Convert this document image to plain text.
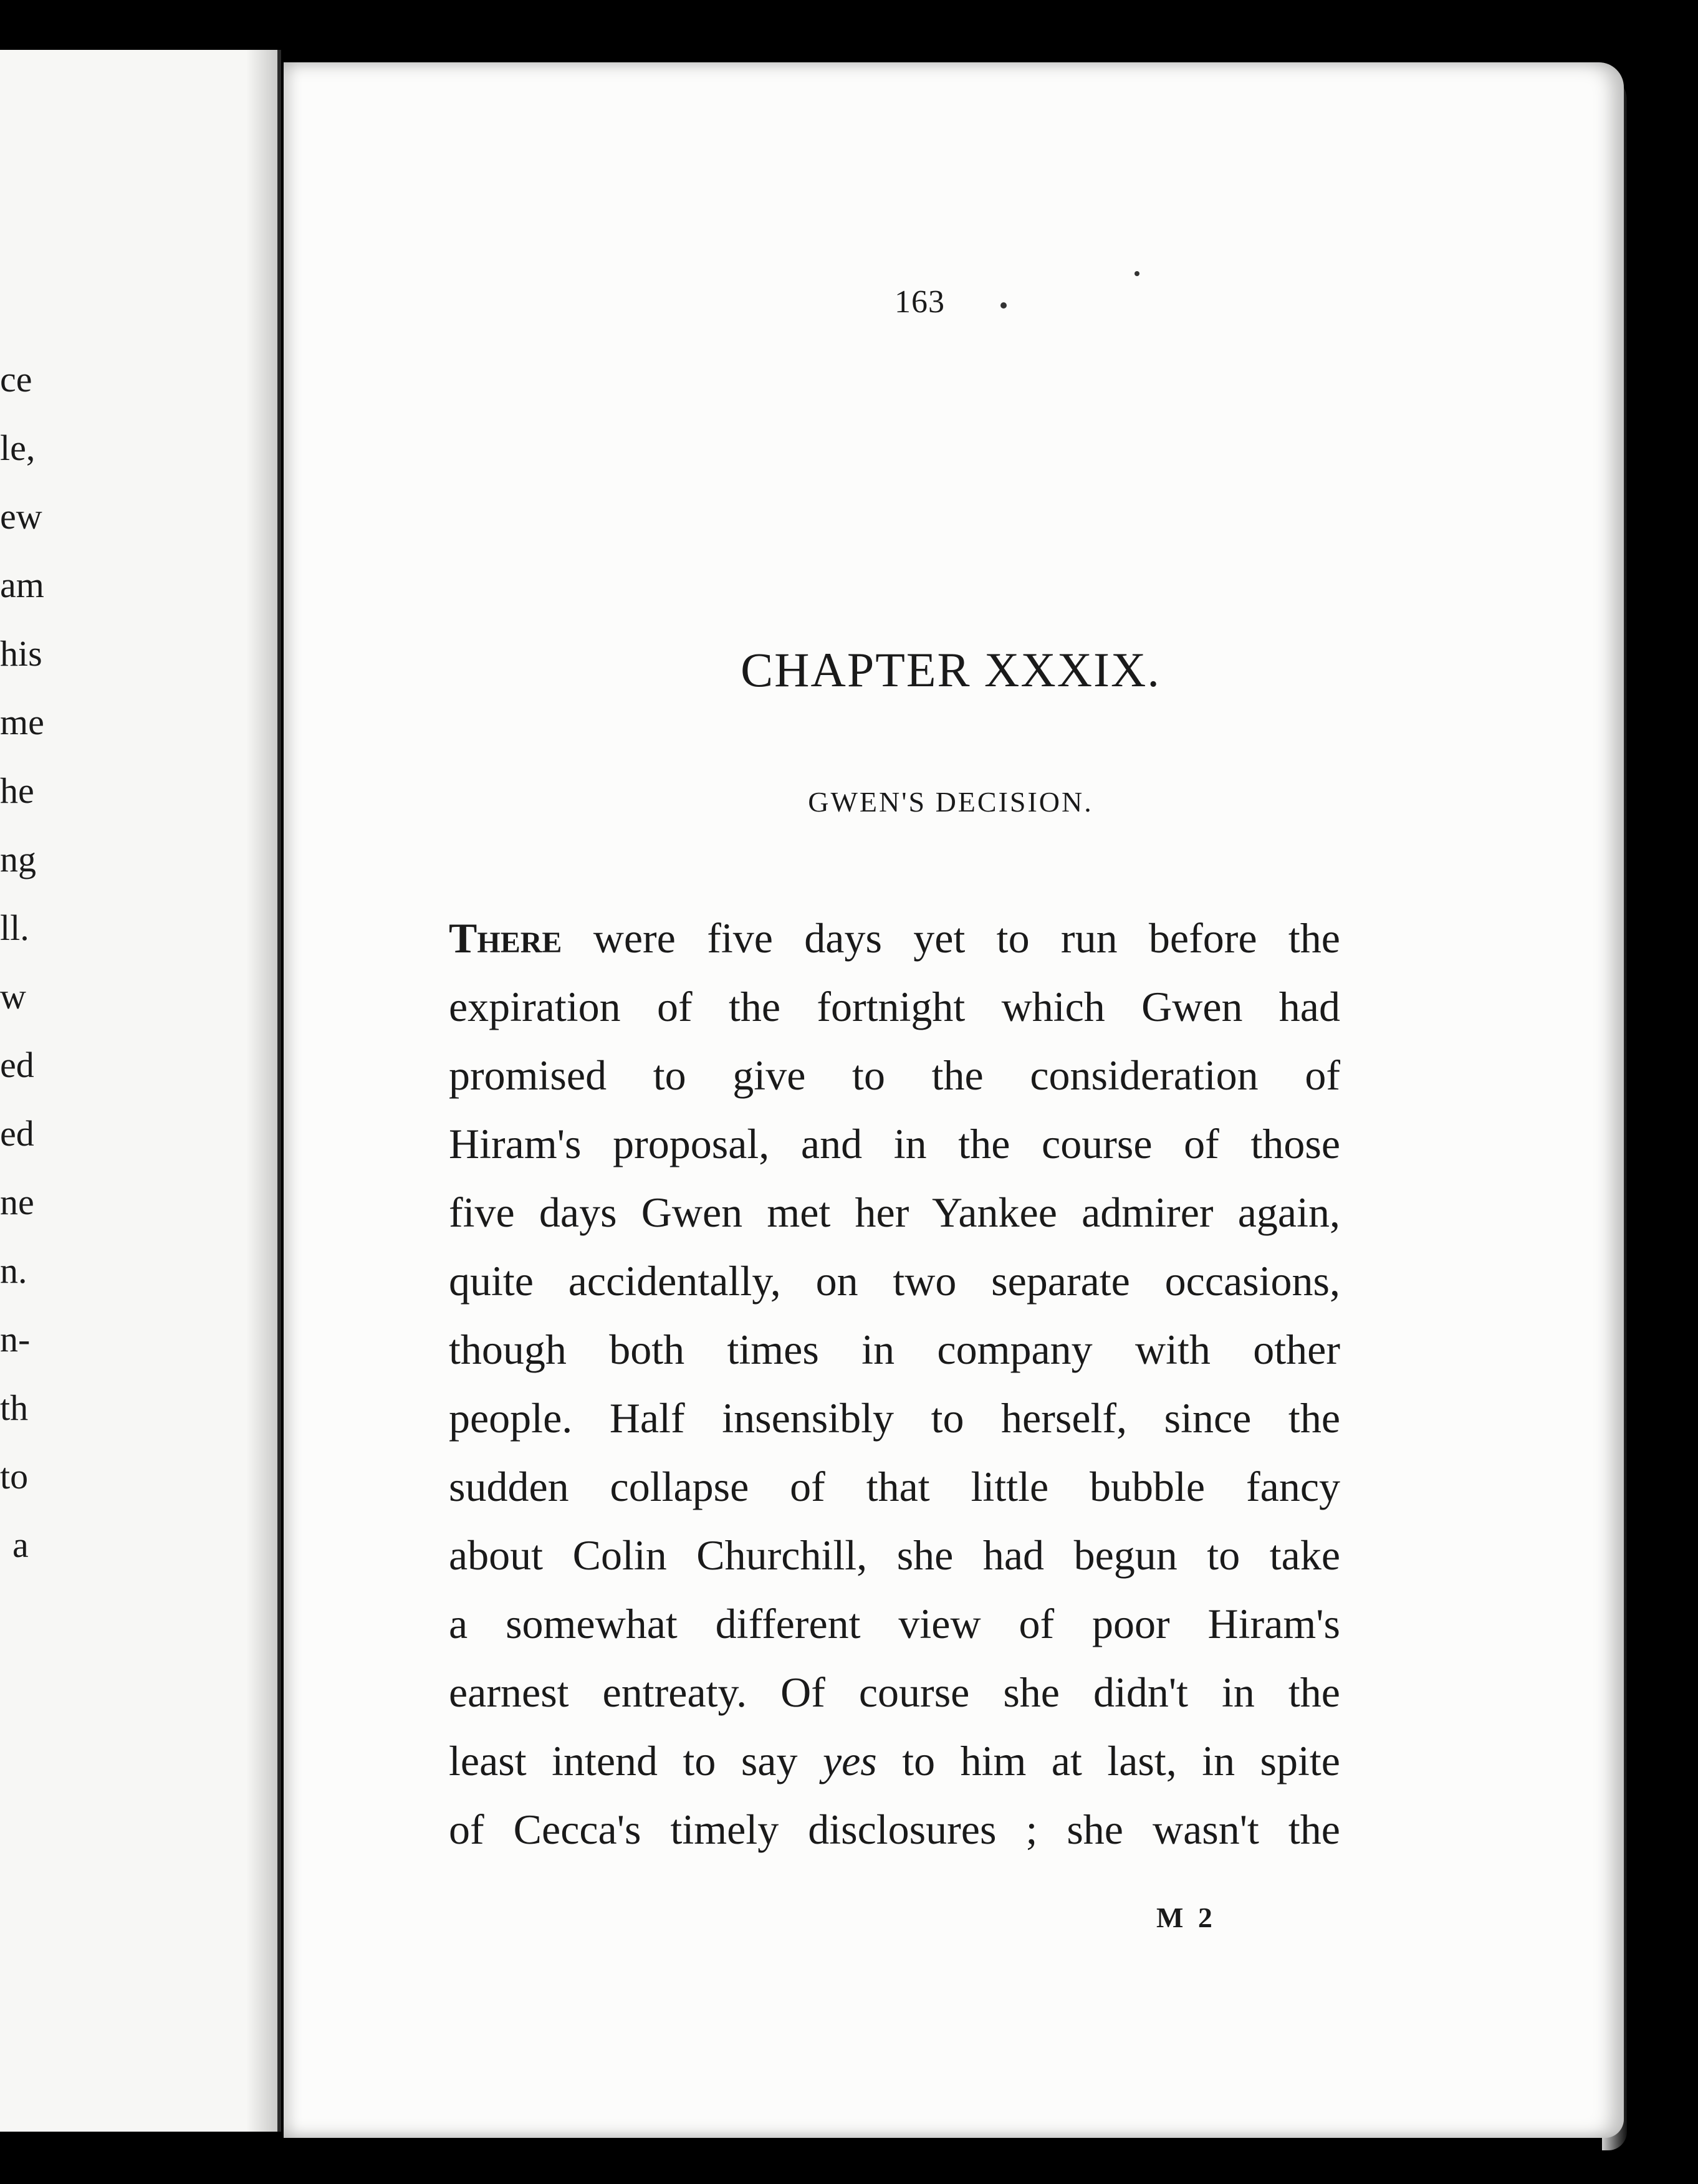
ce
le,
ew
am
his
me
he
ng
ll.
w
ed
ed
ne
n.
n-
th
to
a
163
CHAPTER XXXIX.
GWEN'S DECISION.
There were five days yet to run before the
expiration of the fortnight which Gwen had
promised to give to the consideration of
Hiram's proposal, and in the course of those
five days Gwen met her Yankee admirer again,
quite accidentally, on two separate occasions,
though both times in company with other
people. Half insensibly to herself, since the
sudden collapse of that little bubble fancy
about Colin Churchill, she had begun to take
a somewhat different view of poor Hiram's
earnest entreaty. Of course she didn't in the
least intend to say yes to him at last, in spite
of Cecca's timely disclosures ; she wasn't the
M 2
